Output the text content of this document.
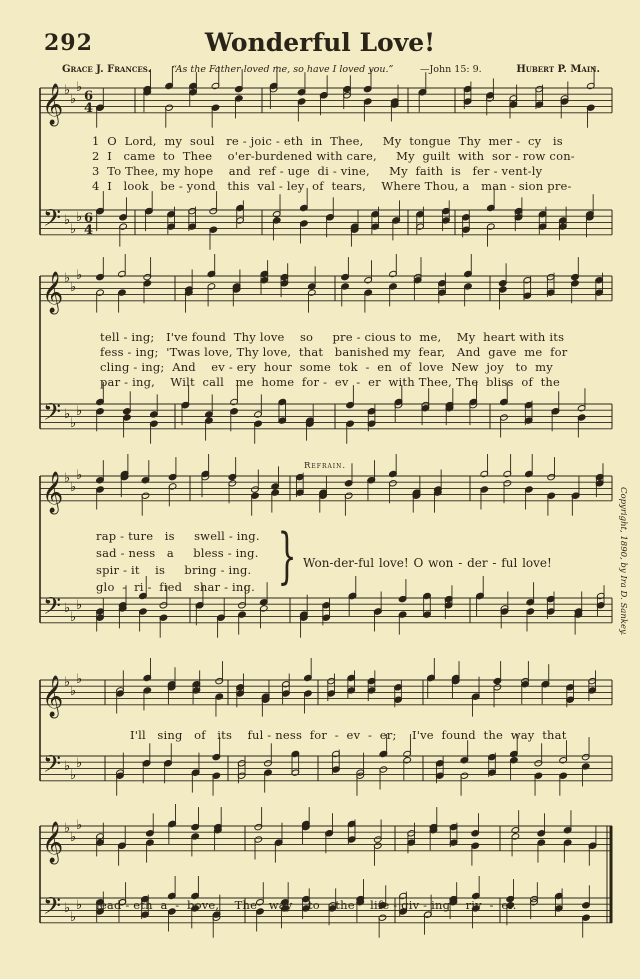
292	Wonderful Love!
Grace J. Frances. “As the Father loved me, so have I loved you.”	—John 15: 9.	Hubert P. Main.
𝄞
𝄢
♭
♭
♭
♭
♭
♭
6
6
4
4
𝄞
𝄢
♭
♭
♭
♭
♭
♭
𝄞
𝄢
♭
♭
♭
♭
♭
♭
𝄞
𝄢
♭
♭
♭
♭
♭
♭
𝄞
𝄢
♭
♭
♭
♭
♭
♭
1  O  Lord,  my  soul   re - joic - eth  in  Thee,     My  tongue  Thy  mer -  cy   is
2  I   came  to  Thee    o'er-burdened with care,     My  guilt  with  sor - row con-
3  To Thee, my hope    and  ref - uge  di - vine,     My  faith  is   fer - vent-ly
4  I   look   be - yond   this  val - ley  of  tears,    Where Thou, a   man - sion pre-
tell - ing;   I've found  Thy love    so     pre - cious to  me,    My  heart with its
fess - ing;  'Twas love, Thy love,  that   banished my  fear,   And  gave  me  for
cling - ing;  And    ev - ery  hour  some  tok  -  en  of  love  New  joy   to  my
par - ing,    Wilt  call   me  home  for -  ev  -  er  with Thee, The  bliss  of  the
Refrain.
rap - ture   is     swell - ing.
sad - ness   a     bless - ing.
spir - it    is     bring - ing.
glo  -  ri -  fied   shar - ing. } Won-der-ful love! O won - der - ful love!
I'll   sing   of   its    ful - ness  for  -  ev  -  er;    I've  found  the  way  that
lead - eth  a  -  bove,    The   way    to    the    life - giv - ing    riv  -  er.
Copyright, 1890, by Ira D. Sankey.
